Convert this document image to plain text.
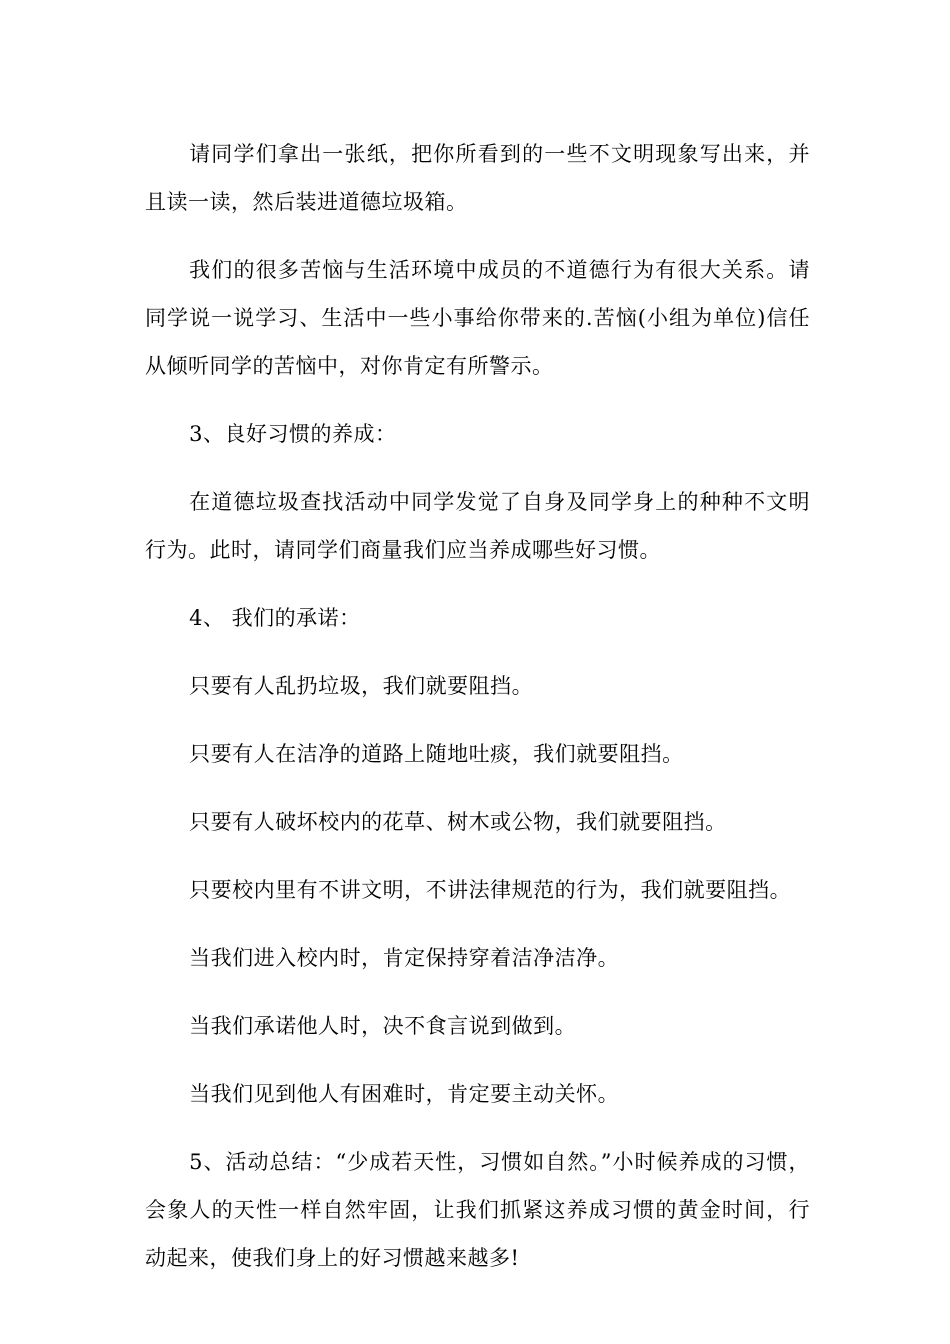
请同学们拿出一张纸，把你所看到的一些不文明现象写出来，并且读一读，然后装进道德垃圾箱。

我们的很多苦恼与生活环境中成员的不道德行为有很大关系。请同学说一说学习、生活中一些小事给你带来的.苦恼(小组为单位)信任从倾听同学的苦恼中，对你肯定有所警示。

3、良好习惯的养成：

在道德垃圾查找活动中同学发觉了自身及同学身上的种种不文明行为。此时，请同学们商量我们应当养成哪些好习惯。

4、 我们的承诺：

只要有人乱扔垃圾，我们就要阻挡。

只要有人在洁净的道路上随地吐痰，我们就要阻挡。

只要有人破坏校内的花草、树木或公物，我们就要阻挡。

只要校内里有不讲文明，不讲法律规范的行为，我们就要阻挡。

当我们进入校内时，肯定保持穿着洁净洁净。

当我们承诺他人时，决不食言说到做到。

当我们见到他人有困难时，肯定要主动关怀。

5、活动总结：“少成若天性，习惯如自然。”小时候养成的习惯，会象人的天性一样自然牢固，让我们抓紧这养成习惯的黄金时间，行动起来，使我们身上的好习惯越来越多!
